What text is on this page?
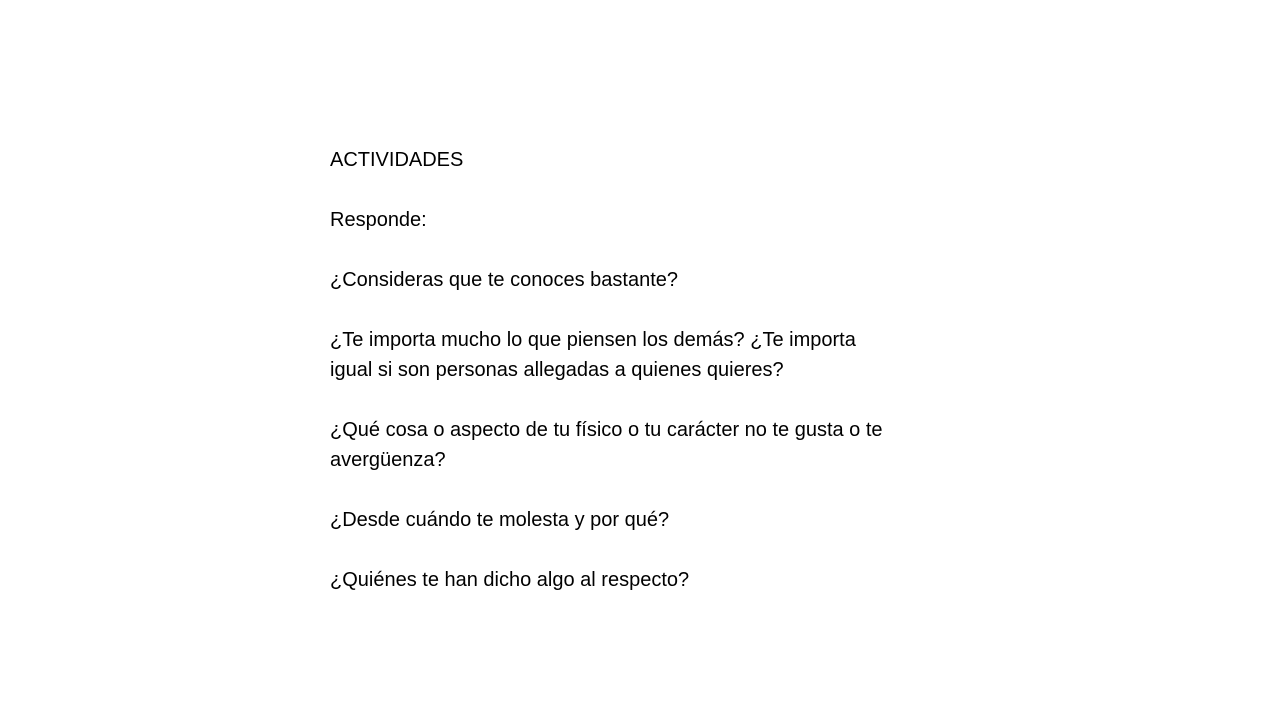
ACTIVIDADES

Responde:

¿Consideras que te conoces bastante?

¿Te importa mucho lo que piensen los demás? ¿Te importa

igual si son personas allegadas a quienes quieres?

¿Qué cosa o aspecto de tu físico o tu carácter no te gusta o te

avergüenza?

¿Desde cuándo te molesta y por qué?

¿Quiénes te han dicho algo al respecto?
